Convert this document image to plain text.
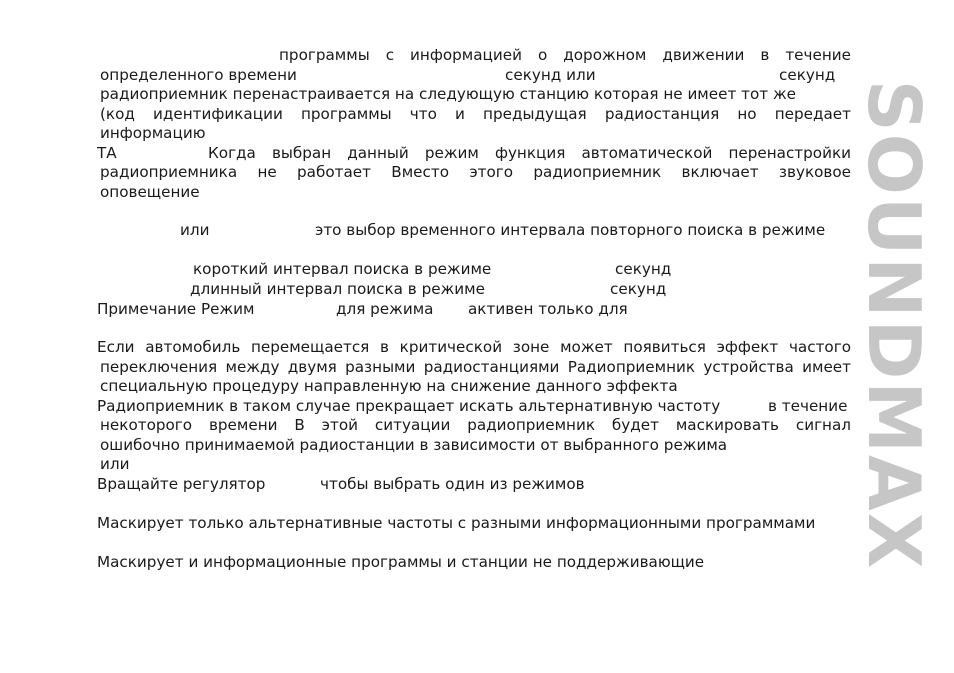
программы с информацией о дорожном движении в течение
определенного времени	секунд или	секунд
радиоприемник перенастраивается на следующую станцию которая не имеет тот же
(код идентификации программы что и предыдущая радиостанция но передает
информацию
ТА	Когда выбран данный режим функция автоматической перенастройки
радиоприемника не работает Вместо этого радиоприемник включает звуковое
оповещение
или	это выбор временного интервала повторного поиска в режиме
короткий интервал поиска в режиме	секунд
длинный интервал поиска в режиме	секунд
Примечание Режим	для режима активен только для
Если автомобиль перемещается в критической зоне может появиться эффект частого
переключения между двумя разными радиостанциями Радиоприемник устройства имеет
специальную процедуру направленную на снижение данного эффекта
Радиоприемник в таком случае прекращает искать альтернативную частоту	в течение
некоторого времени В этой ситуации радиоприемник будет маскировать сигнал
ошибочно принимаемой радиостанции в зависимости от выбранного режима
или
Вращайте регулятор	чтобы выбрать один из режимов
Маскирует только альтернативные частоты с разными информационными программами
Маскирует и информационные программы и станции не поддерживающие SOUNDMAX
